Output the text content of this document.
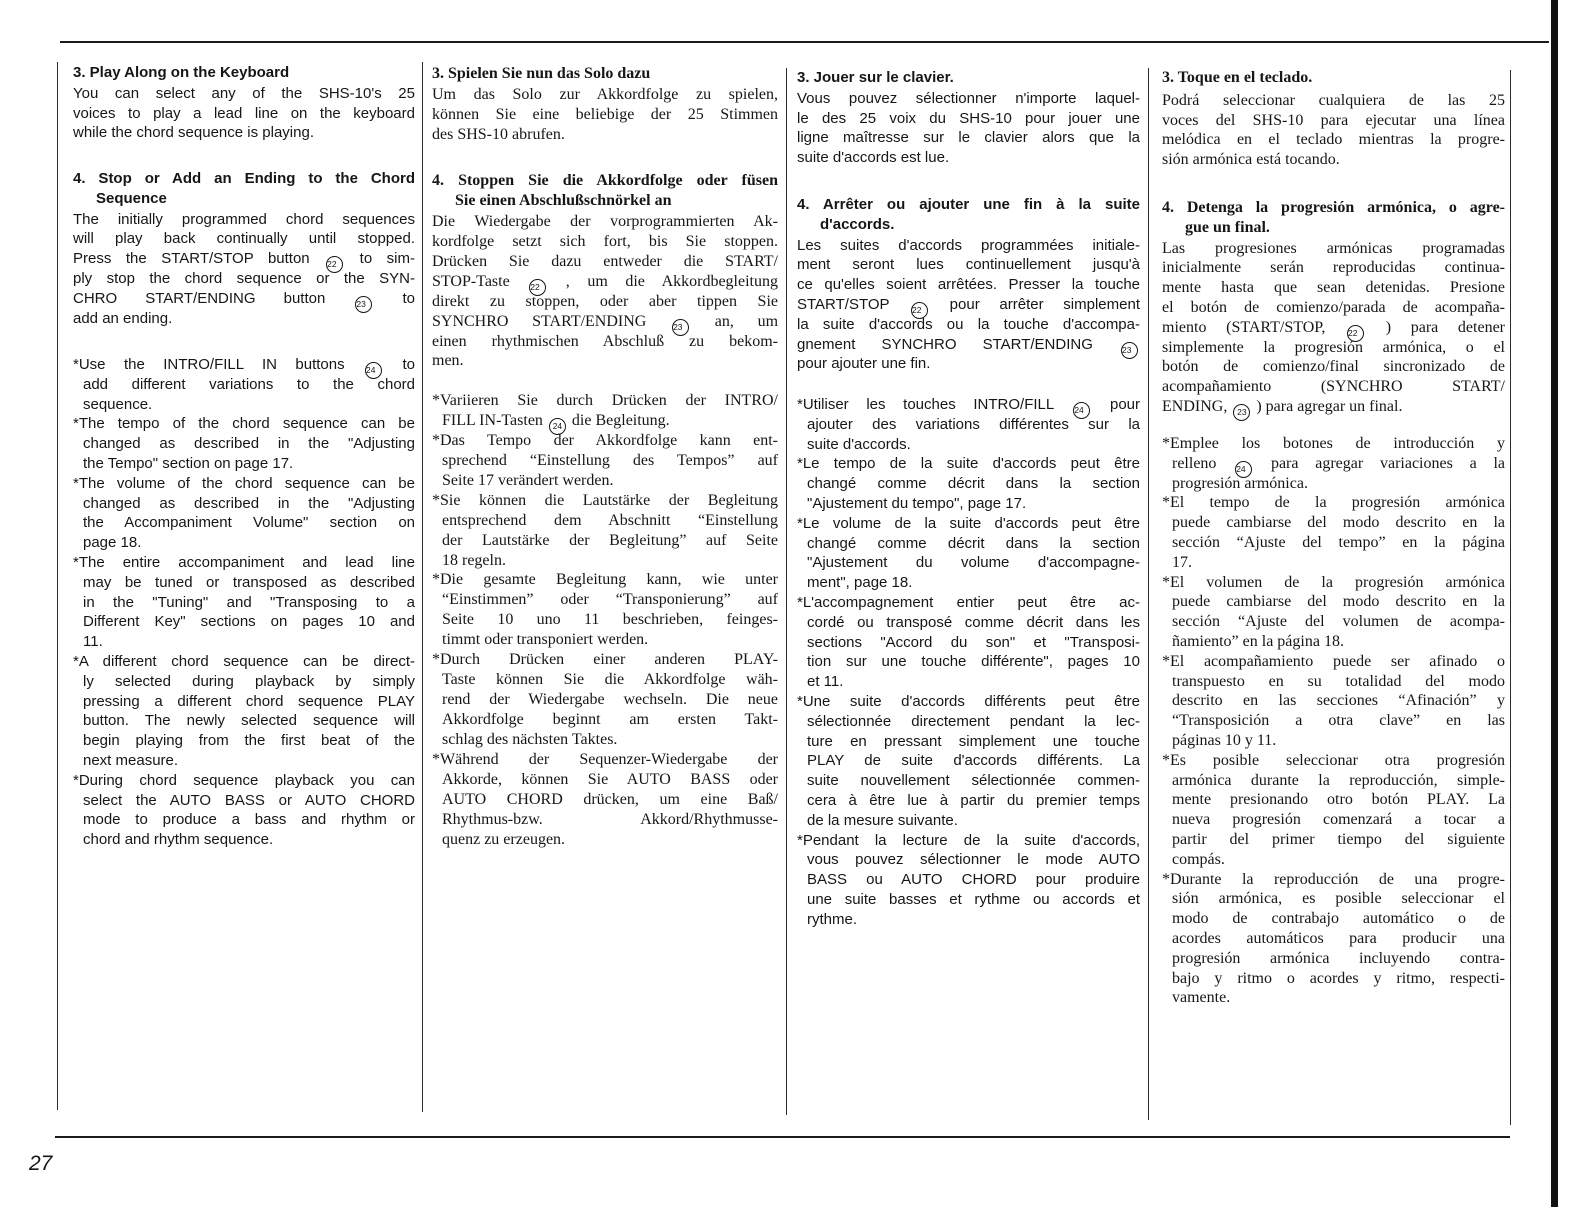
3. Play Along on the Keyboard
You can select any of the SHS-10's 25
voices to play a lead line on the keyboard
while the chord sequence is playing.
4. Stop or Add an Ending to the Chord
Sequence
The initially programmed chord sequences
will play back continually until stopped.
Press the START/STOP button  to sim-
ply stop the chord sequence or the SYN-
CHRO START/ENDING button  to
add an ending.
*Use the INTRO/FILL IN buttons  to
add different variations to the chord
sequence.
*The tempo of the chord sequence can be
changed as described in the "Adjusting
the Tempo" section on page 17.
*The volume of the chord sequence can be
changed as described in the "Adjusting
the Accompaniment Volume" section on
page 18.
*The entire accompaniment and lead line
may be tuned or transposed as described
in the "Tuning" and "Transposing to a
Different Key" sections on pages 10 and
11.
*A different chord sequence can be direct-
ly selected during playback by simply
pressing a different chord sequence PLAY
button. The newly selected sequence will
begin playing from the first beat of the
next measure.
*During chord sequence playback you can
select the AUTO BASS or AUTO CHORD
mode to produce a bass and rhythm or
chord and rhythm sequence.
3. Spielen Sie nun das Solo dazu
Um das Solo zur Akkordfolge zu spielen,
können Sie eine beliebige der 25 Stimmen
des SHS-10 abrufen.
4. Stoppen Sie die Akkordfolge oder füsen
Sie einen Abschlußschnörkel an
Die Wiedergabe der vorprogrammierten Ak-
kordfolge setzt sich fort, bis Sie stoppen.
Drücken Sie dazu entweder die START/
STOP-Taste  , um die Akkordbegleitung
direkt zu stoppen, oder aber tippen Sie
SYNCHRO START/ENDING  an, um
einen rhythmischen Abschluß zu bekom-
men.
*Variieren Sie durch Drücken der INTRO/
FILL IN-Tasten  die Begleitung.
*Das Tempo der Akkordfolge kann ent-
sprechend “Einstellung des Tempos” auf
Seite 17 verändert werden.
*Sie können die Lautstärke der Begleitung
entsprechend dem Abschnitt “Einstellung
der Lautstärke der Begleitung” auf Seite
18 regeln.
*Die gesamte Begleitung kann, wie unter
“Einstimmen” oder “Transponierung” auf
Seite 10 uno 11 beschrieben, feinges-
timmt oder transponiert werden.
*Durch Drücken einer anderen PLAY-
Taste können Sie die Akkordfolge wäh-
rend der Wiedergabe wechseln. Die neue
Akkordfolge beginnt am ersten Takt-
schlag des nächsten Taktes.
*Während der Sequenzer-Wiedergabe der
Akkorde, können Sie AUTO BASS oder
AUTO CHORD drücken, um eine Baß/
Rhythmus-bzw. Akkord/Rhythmusse-
quenz zu erzeugen.
3. Jouer sur le clavier.
Vous pouvez sélectionner n'importe laquel-
le des 25 voix du SHS-10 pour jouer une
ligne maîtresse sur le clavier alors que la
suite d'accords est lue.
4. Arrêter ou ajouter une fin à la suite
d'accords.
Les suites d'accords programmées initiale-
ment seront lues continuellement jusqu'à
ce qu'elles soient arrêtées. Presser la touche
START/STOP  pour arrêter simplement
la suite d'accords ou la touche d'accompa-
gnement SYNCHRO START/ENDING
pour ajouter une fin.
*Utiliser les touches INTRO/FILL  pour
ajouter des variations différentes sur la
suite d'accords.
*Le tempo de la suite d'accords peut être
changé comme décrit dans la section
"Ajustement du tempo", page 17.
*Le volume de la suite d'accords peut être
changé comme décrit dans la section
"Ajustement du volume d'accompagne-
ment", page 18.
*L'accompagnement entier peut être ac-
cordé ou transposé comme décrit dans les
sections "Accord du son" et "Transposi-
tion sur une touche différente", pages 10
et 11.
*Une suite d'accords différents peut être
sélectionnée directement pendant la lec-
ture en pressant simplement une touche
PLAY de suite d'accords différents. La
suite nouvellement sélectionnée commen-
cera à être lue à partir du premier temps
de la mesure suivante.
*Pendant la lecture de la suite d'accords,
vous pouvez sélectionner le mode AUTO
BASS ou AUTO CHORD pour produire
une suite basses et rythme ou accords et
rythme.
3. Toque en el teclado.
Podrá seleccionar cualquiera de las 25
voces del SHS-10 para ejecutar una línea
melódica en el teclado mientras la progre-
sión armónica está tocando.
4. Detenga la progresión armónica, o agre-
gue un final.
Las progresiones armónicas programadas
inicialmente serán reproducidas continua-
mente hasta que sean detenidas. Presione
el botón de comienzo/parada de acompaña-
miento (START/STOP,  ) para detener
simplemente la progresión armónica, o el
botón de comienzo/final sincronizado de
acompañamiento (SYNCHRO START/
ENDING,  ) para agregar un final.
*Emplee los botones de introducción y
relleno  para agregar variaciones a la
progresión armónica.
*El tempo de la progresión armónica
puede cambiarse del modo descrito en la
sección “Ajuste del tempo” en la página
17.
*El volumen de la progresión armónica
puede cambiarse del modo descrito en la
sección “Ajuste del volumen de acompa-
ñamiento” en la página 18.
*El acompañamiento puede ser afinado o
transpuesto en su totalidad del modo
descrito en las secciones “Afinación” y
“Transposición a otra clave” en las
páginas 10 y 11.
*Es posible seleccionar otra progresión
armónica durante la reproducción, simple-
mente presionando otro botón PLAY. La
nueva progresión comenzará a tocar a
partir del primer tiempo del siguiente
compás.
*Durante la reproducción de una progre-
sión armónica, es posible seleccionar el
modo de contrabajo automático o de
acordes automáticos para producir una
progresión armónica incluyendo contra-
bajo y ritmo o acordes y ritmo, respecti-
vamente.
27
